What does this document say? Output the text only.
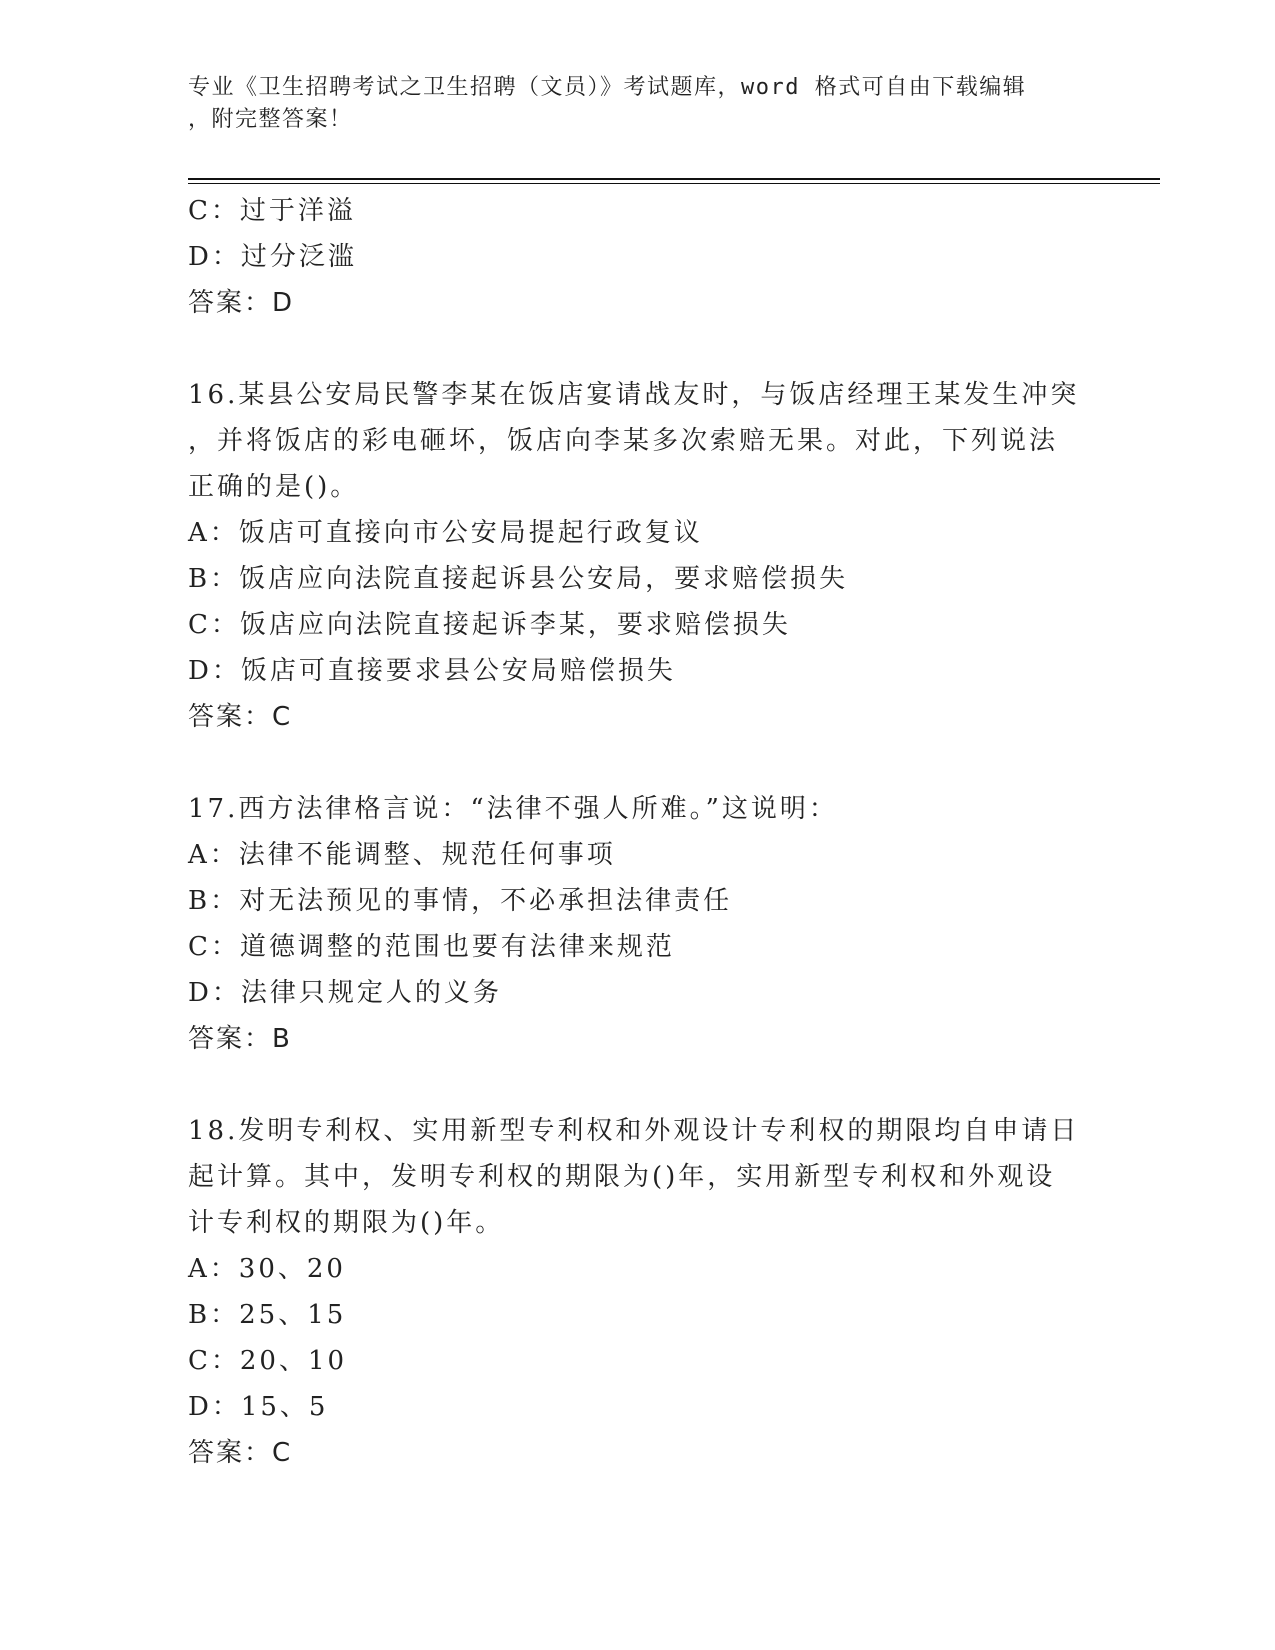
专业《卫生招聘考试之卫生招聘（文员）》考试题库，word 格式可自由下载编辑
，附完整答案！

C：过于洋溢

D：过分泛滥

答案：D

16.某县公安局民警李某在饭店宴请战友时，与饭店经理王某发生冲突

，并将饭店的彩电砸坏，饭店向李某多次索赔无果。对此，下列说法

正确的是()。

A：饭店可直接向市公安局提起行政复议

B：饭店应向法院直接起诉县公安局，要求赔偿损失

C：饭店应向法院直接起诉李某，要求赔偿损失

D：饭店可直接要求县公安局赔偿损失

答案：C

17.西方法律格言说：“法律不强人所难。”这说明：

A：法律不能调整、规范任何事项

B：对无法预见的事情，不必承担法律责任

C：道德调整的范围也要有法律来规范

D：法律只规定人的义务

答案：B

18.发明专利权、实用新型专利权和外观设计专利权的期限均自申请日

起计算。其中，发明专利权的期限为()年，实用新型专利权和外观设

计专利权的期限为()年。

A：30、20

B：25、15

C：20、10

D：15、5

答案：C
